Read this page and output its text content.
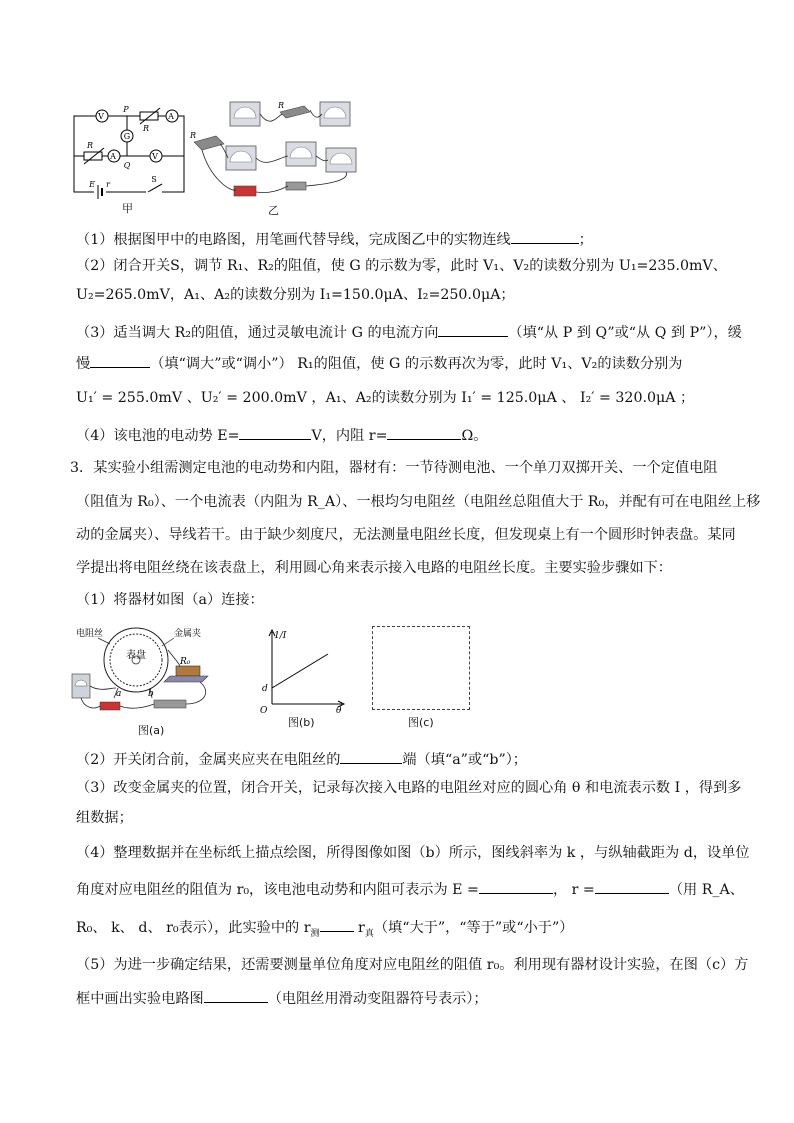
V	A
G
A	V
R
R
P
Q
E r
S
甲
R
R
乙
（1）根据图甲中的电路图，用笔画代替导线，完成图乙中的实物连线	；
（2）闭合开关S，调节 R₁、R₂的阻值，使 G 的示数为零，此时 V₁、V₂的读数分别为 U₁=235.0mV、
U₂=265.0mV，A₁、A₂的读数分别为 I₁=150.0μA、I₂=250.0μA；
（3）适当调大 R₂的阻值，通过灵敏电流计 G 的电流方向	（填“从 P 到 Q”或“从 Q 到 P”），缓
慢	（填“调大”或“调小”） R₁的阻值，使 G 的示数再次为零，此时 V₁、V₂的读数分别为
U₁′ = 255.0mV 、U₂′ = 200.0mV ，A₁、A₂的读数分别为 I₁′ = 125.0μA 、 I₂′ = 320.0μA ；
（4）该电池的电动势 E=	V，内阻 r=	Ω。
3．某实验小组需测定电池的电动势和内阻，器材有：一节待测电池、一个单刀双掷开关、一个定值电阻
（阻值为 R₀）、一个电流表（内阻为 R_A）、一根均匀电阻丝（电阻丝总阻值大于 R₀，并配有可在电阻丝上移
动的金属夹）、导线若干。由于缺少刻度尺，无法测量电阻丝长度，但发现桌上有一个圆形时钟表盘。某同
学提出将电阻丝绕在该表盘上，利用圆心角来表示接入电路的电阻丝长度。主要实验步骤如下：
（1）将器材如图（a）连接：
表盘
电阻丝	金属夹
R₀
a	b
图(a)
1/I
d
O	θ
图(b)	图(c)
（2）开关闭合前，金属夹应夹在电阻丝的	端（填“a”或“b”）；
（3）改变金属夹的位置，闭合开关，记录每次接入电路的电阻丝对应的圆心角 θ 和电流表示数 I ，得到多
组数据；
（4）整理数据并在坐标纸上描点绘图，所得图像如图（b）所示，图线斜率为 k ，与纵轴截距为 d，设单位
角度对应电阻丝的阻值为 r₀，该电池电动势和内阻可表示为 E =	， r =	（用 R_A、
R₀、 k、 d、 r₀表示），此实验中的 $r_测$ $r_真$（填“大于”，“等于”或“小于”）
（5）为进一步确定结果，还需要测量单位角度对应电阻丝的阻值 r₀。利用现有器材设计实验，在图（c）方
框中画出实验电路图	（电阻丝用滑动变阻器符号表示）；
